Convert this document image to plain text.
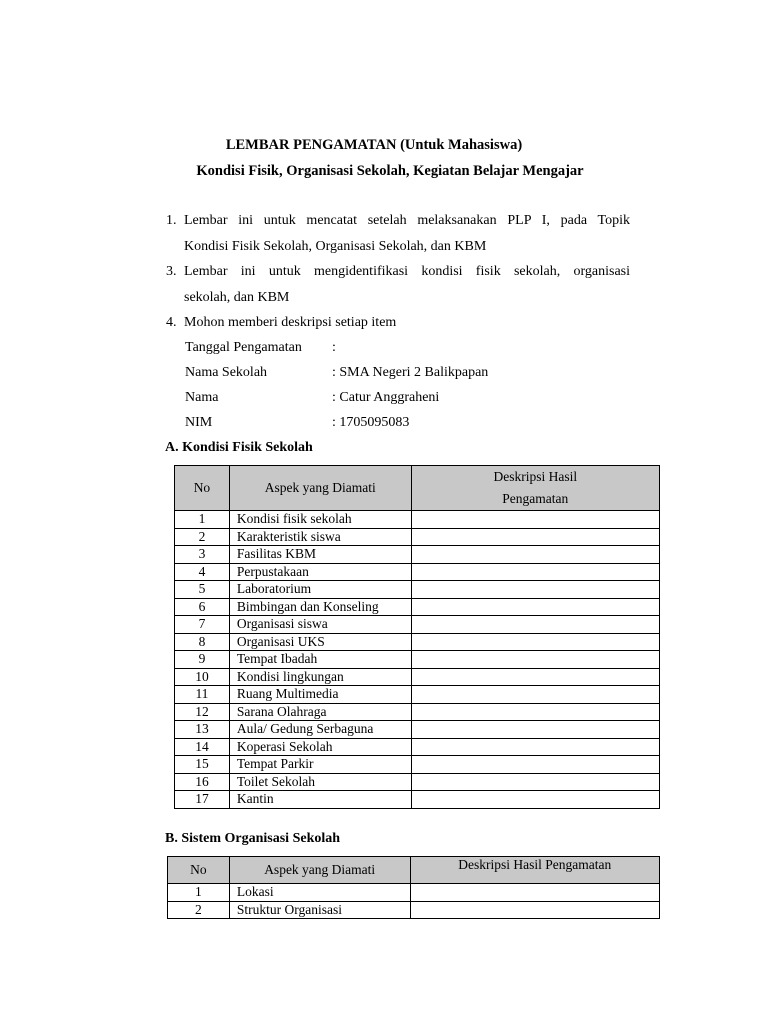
LEMBAR PENGAMATAN (Untuk Mahasiswa)
Kondisi Fisik, Organisasi Sekolah, Kegiatan Belajar Mengajar
1. Lembar ini untuk mencatat setelah melaksanakan PLP I, pada Topik
Kondisi Fisik Sekolah, Organisasi Sekolah, dan KBM
3. Lembar ini untuk mengidentifikasi kondisi fisik sekolah, organisasi
sekolah, dan KBM
4. Mohon memberi deskripsi setiap item
Tanggal Pengamatan :
Nama Sekolah	: SMA Negeri 2 Balikpapan
Nama	: Catur Anggraheni
NIM	: 1705095083
A. Kondisi Fisik Sekolah
No	Aspek yang Diamati	Deskripsi Hasil
Pengamatan

1	Kondisi fisik sekolah	
2	Karakteristik siswa	
3	Fasilitas KBM	
4	Perpustakaan	
5	Laboratorium	
6	Bimbingan dan Konseling	
7	Organisasi siswa	
8	Organisasi UKS	
9	Tempat Ibadah	
10	Kondisi lingkungan	
11	Ruang Multimedia	
12	Sarana Olahraga	
13	Aula/ Gedung Serbaguna	
14	Koperasi Sekolah	
15	Tempat Parkir	
16	Toilet Sekolah	
17	Kantin	
B. Sistem Organisasi Sekolah
No	Aspek yang Diamati	Deskripsi Hasil Pengamatan
1	Lokasi	
2	Struktur Organisasi	
